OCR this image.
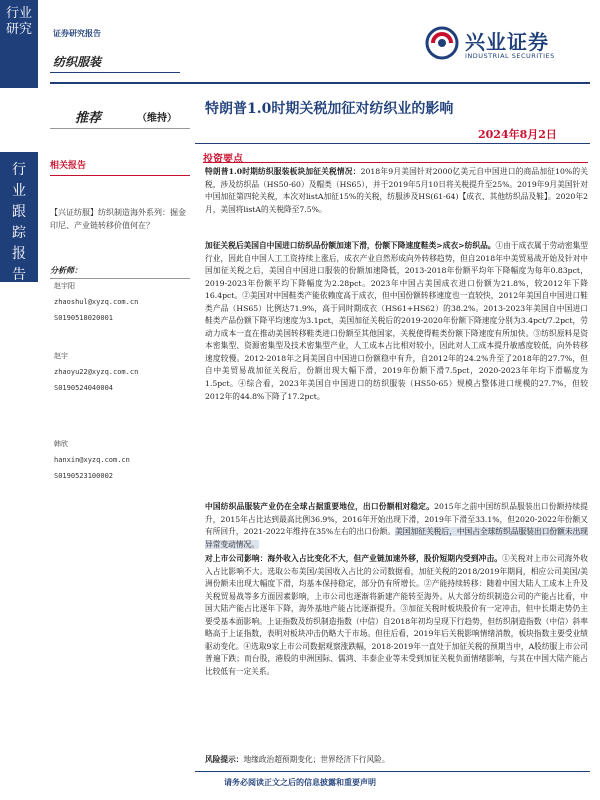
行业研究
行业跟踪报告
证券研究报告
纺织服装
兴业证券
INDUSTRIAL SECURITIES
推荐	（维持）
特朗普1.0时期关税加征对纺织业的影响
2024年8月2日
相关报告
【兴证纺服】纺织制造海外系列：掘金印尼、产业链转移价值何在？
分析师：
赵宇阳
zhaoshul@xyzq.com.cn
S0190518020001
赵宇
zhaoyu22@xyzq.com.cn
S0190524040004
韩欣
hanxin@xyzq.com.cn
S0190523100002
投资要点
特朗普1.0时期纺织服装板块加征关税情况：2018年9月美国针对2000亿美元自中国进口的商品加征10%的关税，涉及纺织品（HS50-60）及帽类（HS65），并于2019年5月10日将关税提升至25%。2019年9月美国针对中国加征第四轮关税，本次对listA加征15%的关税，纺服涉及HS(61-64)【成衣、其他纺织品及鞋】。2020年2月，美国将listA的关税降至7.5%。
加征关税后美国自中国进口纺织品份额加速下滑，份额下降速度鞋类>成衣>纺织品。①由于成衣属于劳动密集型行业，因此自中国人工工资持续上涨后，成衣产业自然形成向外转移趋势，但自2018年中美贸易战开始及针对中国加征关税之后，美国自中国进口服装的份额加速降低，2013-2018年份额平均年下降幅度为每年0.83pct，2019-2023年份额平均下降幅度为2.28pct。2023年中国占美国成衣进口份额为21.8%，较2012年下降16.4pct。②美国对中国鞋类产能依赖度高于成衣，但中国份额转移速度也一直较快，2012年美国自中国进口鞋类产品（HS65）比例达71.9%，高于同时期成衣（HS61+HS62）的38.2%。2013-2023年美国自中国进口鞋类产品份额下降平均速度为3.1pct，美国加征关税后的2019-2020年份额下降速度分别为3.4pct/7.2pct，劳动力成本一直在推动美国转移鞋类进口份额至其他国家，关税使得鞋类份额下降速度有所加快。③纺织原料是资本密集型、资源密集型及技术密集型产业，人工成本占比相对较小，因此对人工成本提升敏感度较低，向外转移速度较慢。2012-2018年之间美国自中国进口份额稳中有升，自2012年的24.2%升至了2018年的27.7%，但自中美贸易战加征关税后，份额出现大幅下滑，2019年份额下滑7.5pct，2020-2023年年均下滑幅度为1.5pct。④综合看，2023年美国自中国进口的纺织服装（HS50-65）规模占整体进口规模的27.7%，但较2012年的44.8%下降了17.2pct。
中国纺织品服装产业仍在全球占据重要地位，出口份额相对稳定。2015年之前中国纺织品服装出口份额持续提升，2015年占比达到最高比例36.9%，2016年开始出现下滑，2019年下滑至33.1%，但2020-2022年份额又有所回升，2021-2022年维持在35%左右的出口份额。美国加征关税后，中国占全球纺织品服装出口份额未出现异常变动情况。
对上市公司影响：海外收入占比变化不大，但产业链加速外移，股价短期内受到冲击。①关税对上市公司海外收入占比影响不大。选取公布美国/美国收入占比的公司数据看，加征关税的2018/2019年期间，相应公司美国/美洲份额未出现大幅度下滑，均基本保持稳定，部分仍有所增长。②产能持续转移：随着中国大陆人工成本上升及关税贸易战等多方面因素影响，上市公司也逐渐将新建产能转至海外。从大部分纺织制造公司的产能占比看，中国大陆产能占比逐年下降，海外基地产能占比逐渐提升。③加征关税时板块股价有一定冲击，但中长期走势仍主要受基本面影响。上证指数及纺织制造指数（中信）自2018年初均呈现下行趋势，但纺织制造指数（中信）斜率略高于上证指数，表明对板块冲击仍略大于市场。但往后看，2019年后关税影响情绪消散，板块指数主要受业绩驱动变化。④选取9家上市公司数据观察涨跌幅，2018-2019年一直处于加征关税的预期当中，A股纺服上市公司普遍下跌；而台股，港股的申洲国际、儒鸿、丰泰企业等未受到加征关税负面情绪影响，与其在中国大陆产能占比较低有一定关系。
风险提示：地缘政治超预期变化；世界经济下行风险。
请务必阅读正文之后的信息披露和重要声明
